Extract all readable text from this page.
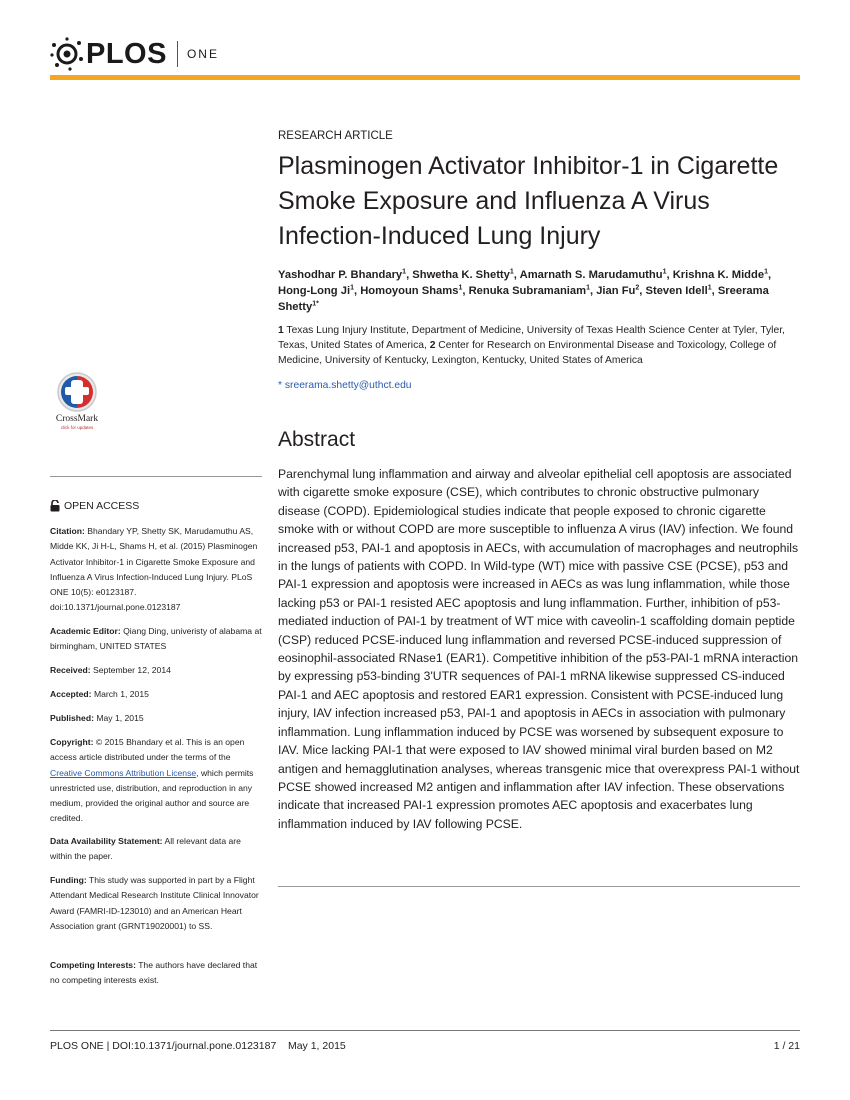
PLOS ONE
RESEARCH ARTICLE
Plasminogen Activator Inhibitor-1 in Cigarette Smoke Exposure and Influenza A Virus Infection-Induced Lung Injury
Yashodhar P. Bhandary$^1$, Shwetha K. Shetty$^1$, Amarnath S. Marudamuthu$^1$, Krishna K. Midde$^1$, Hong-Long Ji$^1$, Homoyoun Shams$^1$, Renuka Subramaniam$^1$, Jian Fu$^2$, Steven Idell$^1$, Sreerama Shetty$^{1*}$
1 Texas Lung Injury Institute, Department of Medicine, University of Texas Health Science Center at Tyler, Tyler, Texas, United States of America, 2 Center for Research on Environmental Disease and Toxicology, College of Medicine, University of Kentucky, Lexington, Kentucky, United States of America
* sreerama.shetty@uthct.edu
Abstract

Parenchymal lung inflammation and airway and alveolar epithelial cell apoptosis are associated with cigarette smoke exposure (CSE), which contributes to chronic obstructive pulmonary disease (COPD). Epidemiological studies indicate that people exposed to chronic cigarette smoke with or without COPD are more susceptible to influenza A virus (IAV) infection. We found increased p53, PAI-1 and apoptosis in AECs, with accumulation of macrophages and neutrophils in the lungs of patients with COPD. In Wild-type (WT) mice with passive CSE (PCSE), p53 and PAI-1 expression and apoptosis were increased in AECs as was lung inflammation, while those lacking p53 or PAI-1 resisted AEC apoptosis and lung inflammation. Further, inhibition of p53-mediated induction of PAI-1 by treatment of WT mice with caveolin-1 scaffolding domain peptide (CSP) reduced PCSE-induced lung inflammation and reversed PCSE-induced suppression of eosinophil-associated RNase1 (EAR1). Competitive inhibition of the p53-PAI-1 mRNA interaction by expressing p53-binding 3'UTR sequences of PAI-1 mRNA likewise suppressed CS-induced PAI-1 and AEC apoptosis and restored EAR1 expression. Consistent with PCSE-induced lung injury, IAV infection increased p53, PAI-1 and apoptosis in AECs in association with pulmonary inflammation. Lung inflammation induced by PCSE was worsened by subsequent exposure to IAV. Mice lacking PAI-1 that were exposed to IAV showed minimal viral burden based on M2 antigen and hemagglutination analyses, whereas transgenic mice that overexpress PAI-1 without PCSE showed increased M2 antigen and inflammation after IAV infection. These observations indicate that increased PAI-1 expression promotes AEC apoptosis and exacerbates lung inflammation induced by IAV following PCSE.

CrossMark
click for updates
OPEN ACCESS
Citation: Bhandary YP, Shetty SK, Marudamuthu AS, Midde KK, Ji H-L, Shams H, et al. (2015) Plasminogen Activator Inhibitor-1 in Cigarette Smoke Exposure and Influenza A Virus Infection-Induced Lung Injury. PLoS ONE 10(5): e0123187. doi:10.1371/journal.pone.0123187
Academic Editor: Qiang Ding, univeristy of alabama at birmingham, UNITED STATES
Received: September 12, 2014
Accepted: March 1, 2015
Published: May 1, 2015
Copyright: © 2015 Bhandary et al. This is an open access article distributed under the terms of the Creative Commons Attribution License, which permits unrestricted use, distribution, and reproduction in any medium, provided the original author and source are credited.
Data Availability Statement: All relevant data are within the paper.
Funding: This study was supported in part by a Flight Attendant Medical Research Institute Clinical Innovator Award (FAMRI-ID-123010) and an American Heart Association grant (GRNT19020001) to SS.
Competing Interests: The authors have declared that no competing interests exist.
PLOS ONE | DOI:10.1371/journal.pone.0123187 May 1, 2015	1 / 21
